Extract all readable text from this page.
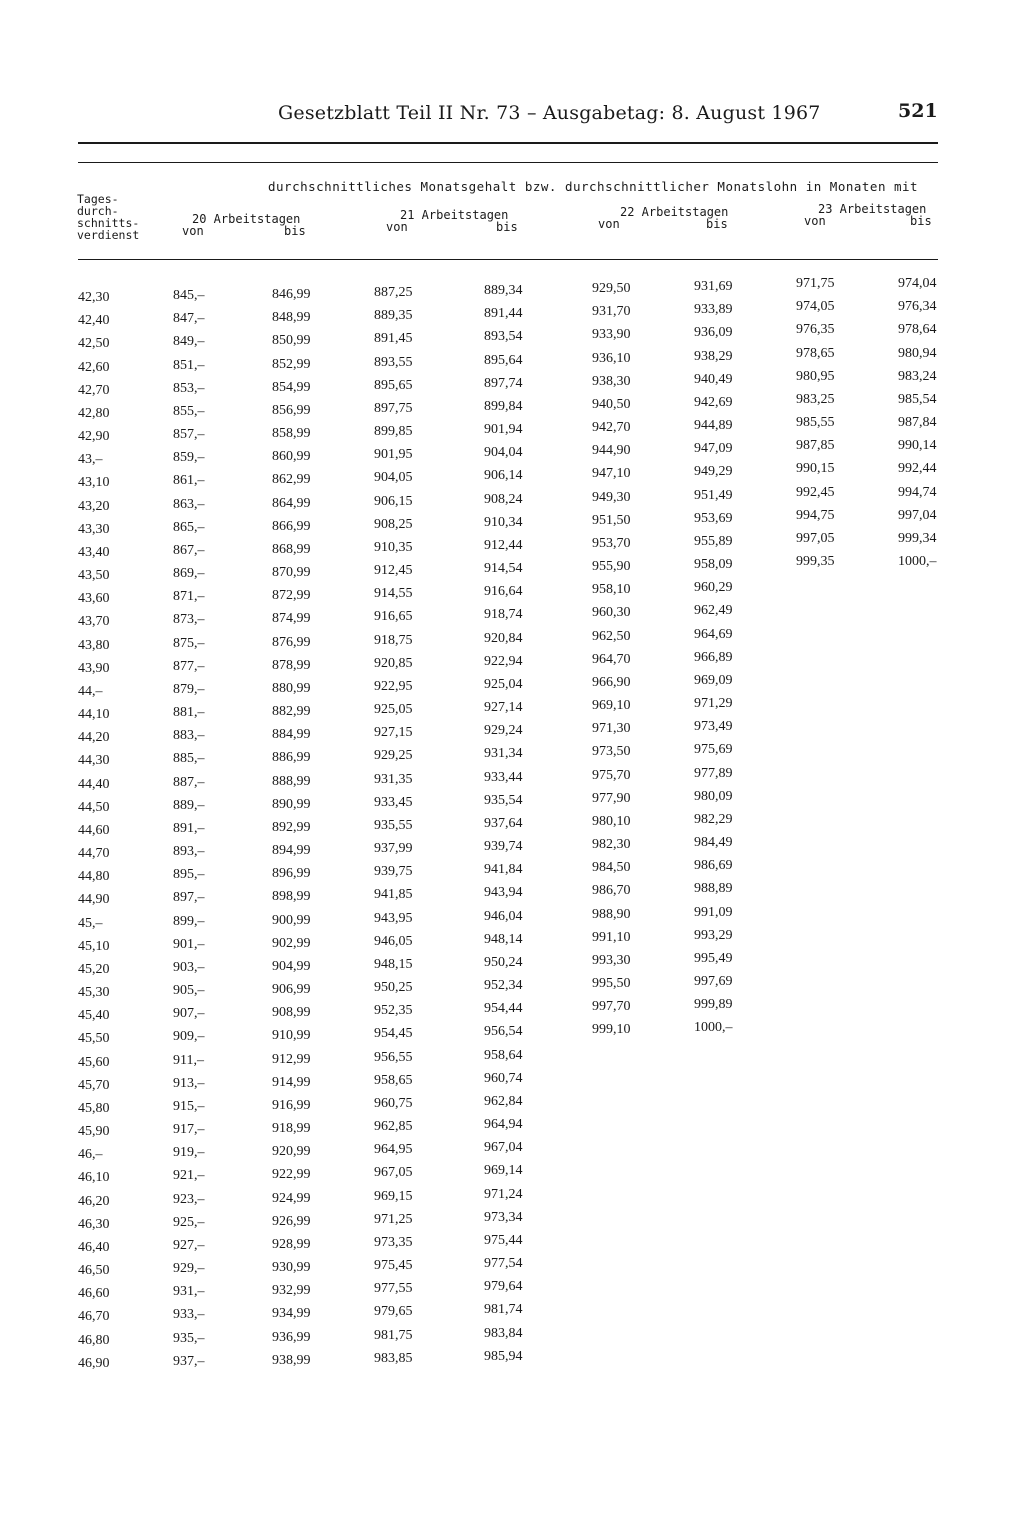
Gesetzblatt Teil II Nr. 73 – Ausgabetag: 8. August 1967	521
Tages-
durch-
schnitts-
verdienst
durchschnittliches Monatsgehalt bzw. durchschnittlicher Monatslohn in Monaten mit
20 Arbeitstagen
von	bis
21 Arbeitstagen
von	bis
22 Arbeitstagen
von	bis
23 Arbeitstagen
von	bis
42,30	845,–	846,99	887,25	889,34	929,50	931,69	971,75	974,04
42,40	847,–	848,99	889,35	891,44	931,70	933,89	974,05	976,34
42,50	849,–	850,99	891,45	893,54	933,90	936,09	976,35	978,64
42,60	851,–	852,99	893,55	895,64	936,10	938,29	978,65	980,94
42,70	853,–	854,99	895,65	897,74	938,30	940,49	980,95	983,24
42,80	855,–	856,99	897,75	899,84	940,50	942,69	983,25	985,54
42,90	857,–	858,99	899,85	901,94	942,70	944,89	985,55	987,84
43,–	859,–	860,99	901,95	904,04	944,90	947,09	987,85	990,14
43,10	861,–	862,99	904,05	906,14	947,10	949,29	990,15	992,44
43,20	863,–	864,99	906,15	908,24	949,30	951,49	992,45	994,74
43,30	865,–	866,99	908,25	910,34	951,50	953,69	994,75	997,04
43,40	867,–	868,99	910,35	912,44	953,70	955,89	997,05	999,34
43,50	869,–	870,99	912,45	914,54	955,90	958,09	999,35	1000,–
43,60	871,–	872,99	914,55	916,64	958,10	960,29
43,70	873,–	874,99	916,65	918,74	960,30	962,49
43,80	875,–	876,99	918,75	920,84	962,50	964,69
43,90	877,–	878,99	920,85	922,94	964,70	966,89
44,–	879,–	880,99	922,95	925,04	966,90	969,09
44,10	881,–	882,99	925,05	927,14	969,10	971,29
44,20	883,–	884,99	927,15	929,24	971,30	973,49
44,30	885,–	886,99	929,25	931,34	973,50	975,69
44,40	887,–	888,99	931,35	933,44	975,70	977,89
44,50	889,–	890,99	933,45	935,54	977,90	980,09
44,60	891,–	892,99	935,55	937,64	980,10	982,29
44,70	893,–	894,99	937,99	939,74	982,30	984,49
44,80	895,–	896,99	939,75	941,84	984,50	986,69
44,90	897,–	898,99	941,85	943,94	986,70	988,89
45,–	899,–	900,99	943,95	946,04	988,90	991,09
45,10	901,–	902,99	946,05	948,14	991,10	993,29
45,20	903,–	904,99	948,15	950,24	993,30	995,49
45,30	905,–	906,99	950,25	952,34	995,50	997,69
45,40	907,–	908,99	952,35	954,44	997,70	999,89
45,50	909,–	910,99	954,45	956,54	999,10	1000,–
45,60	911,–	912,99	956,55	958,64
45,70	913,–	914,99	958,65	960,74
45,80	915,–	916,99	960,75	962,84
45,90	917,–	918,99	962,85	964,94
46,–	919,–	920,99	964,95	967,04
46,10	921,–	922,99	967,05	969,14
46,20	923,–	924,99	969,15	971,24
46,30	925,–	926,99	971,25	973,34
46,40	927,–	928,99	973,35	975,44
46,50	929,–	930,99	975,45	977,54
46,60	931,–	932,99	977,55	979,64
46,70	933,–	934,99	979,65	981,74
46,80	935,–	936,99	981,75	983,84
46,90	937,–	938,99	983,85	985,94
